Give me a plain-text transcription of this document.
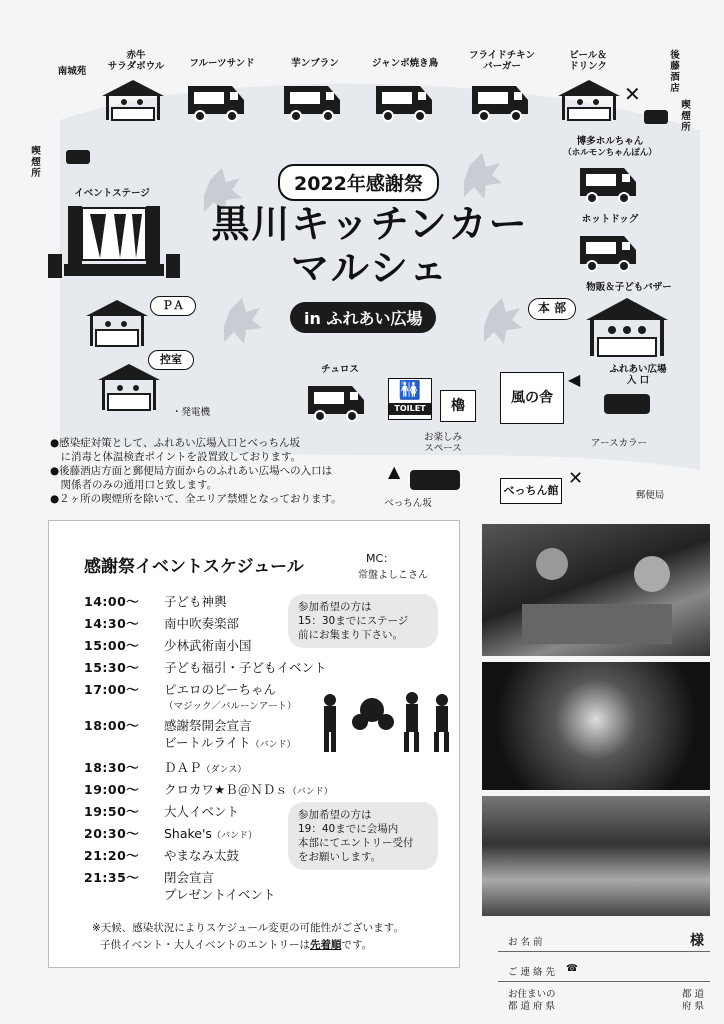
南城苑
赤牛
サラダボウル	フルーツサンド	芋ンブラン	ジャンボ焼き鳥
フライドチキン
バーガー
ビール＆
ドリンク
後藤酒店
✕	喫煙所
喫煙所
イベントステージ	2022年感謝祭
黒川キッチンカー
マルシェ
in ふれあい広場
博多ホルちゃん
（ホルモンちゃんぽん）
ホットドッグ
物販＆子どもバザー
本 部
◀
ふれあい広場
入 口
ＰＡ
控室
・発電機
チュロス
🚻
TOILET	櫓	風の舎
お楽しみ
スペース	アースカラー
▲
べっちん坂
べっちん館
✕
郵便局
●感染症対策として、ふれあい広場入口とべっちん坂
　に消毒と体温検査ポイントを設置致しております。
●後藤酒店方面と郵便局方面からのふれあい広場への入口は
　関係者のみの通用口と致します。
●２ヶ所の喫煙所を除いて、全エリア禁煙となっております。
感謝祭イベントスケジュール	MC：
常盤よしこさん
14:00〜 子ども神輿
14:30〜 南中吹奏楽部
15:00〜 少林武術南小国
15:30〜 子ども福引・子どもイベント
17:00〜 ピエロのピーちゃん
（マジック／バルーンアート）
18:00〜 感謝祭開会宣言
ビートルライト（バンド）
18:30〜 ＤＡＰ（ダンス）
19:00〜 クロカワ★Ｂ＠ＮＤｓ（バンド）
19:50〜 大人イベント
20:30〜 Shake's（バンド）
21:20〜 やまなみ太鼓
21:35〜 閉会宣言
プレゼントイベント
参加希望の方は
15：30までにステージ
前にお集まり下さい。
参加希望の方は
19：40までに会場内
本部にてエントリー受付
をお願いします。
※天候、感染状況によりスケジュール変更の可能性がございます。
子供イベント・大人イベントのエントリーは先着順です。	お 名 前	様
ご 連 絡 先 ☎
お住まいの
都 道 府 県
都 道
府 県
